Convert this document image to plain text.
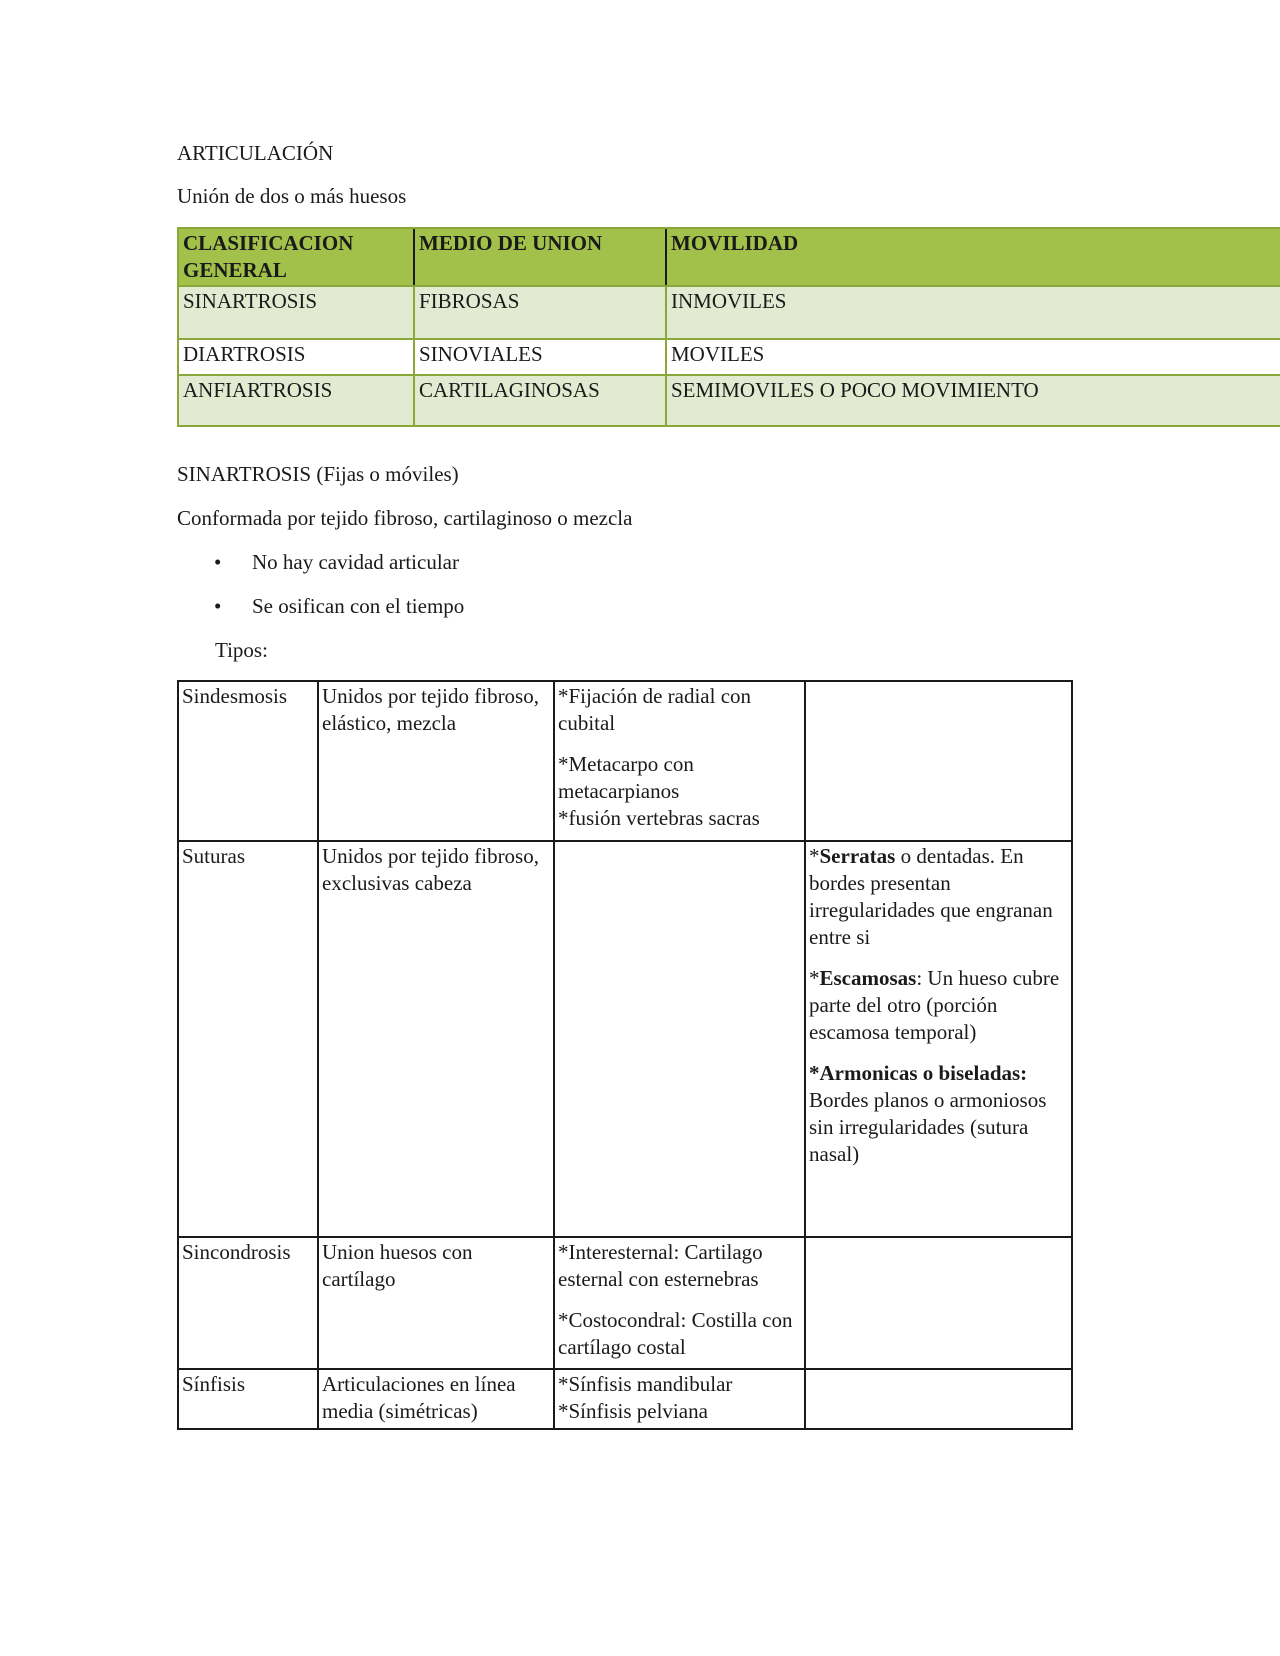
ARTICULACIÓN

Unión de dos o más huesos

CLASIFICACION GENERAL	MEDIO DE UNION	MOVILIDAD
SINARTROSIS	FIBROSAS	INMOVILES
DIARTROSIS	SINOVIALES	MOVILES
ANFIARTROSIS	CARTILAGINOSAS	SEMIMOVILES O POCO MOVIMIENTO

SINARTROSIS (Fijas o móviles)

Conformada por tejido fibroso, cartilaginoso o mezcla

• No hay cavidad articular
• Se osifican con el tiempo

Tipos:

Sindesmosis	Unidos por tejido fibroso, elástico, mezcla	*Fijación de radial con cubital

*Metacarpo con metacarpianos
*fusión vertebras sacras	

Suturas	Unidos por tejido fibroso, exclusivas cabeza		*Serratas o dentadas. En bordes presentan irregularidades que engranan entre si

*Escamosas: Un hueso cubre parte del otro (porción escamosa temporal)

*Armonicas o biseladas: Bordes planos o armoniosos sin irregularidades (sutura nasal)

Sincondrosis	Union huesos con cartílago	*Interesternal: Cartilago esternal con esternebras

*Costocondral: Costilla con cartílago costal	

Sínfisis	Articulaciones en línea media (simétricas)	*Sínfisis mandibular
*Sínfisis pelviana	
